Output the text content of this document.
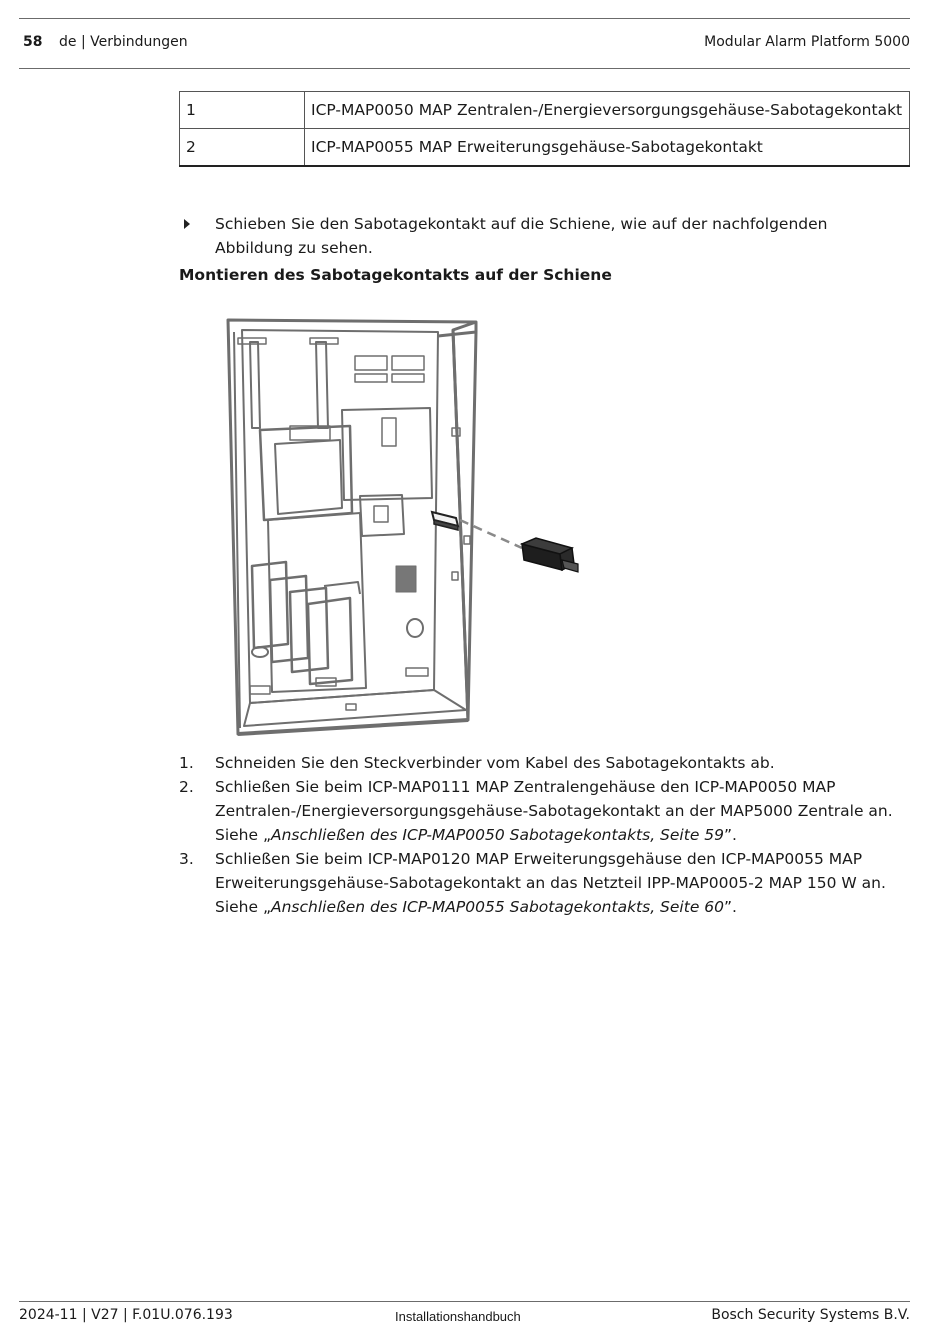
58 de | Verbindungen	Modular Alarm Platform 5000
1	ICP-MAP0050 MAP Zentralen-/Energieversorgungsgehäuse-Sabotagekontakt
2	ICP-MAP0055 MAP Erweiterungsgehäuse-Sabotagekontakt
Schieben Sie den Sabotagekontakt auf die Schiene, wie auf der nachfolgenden Abbildung zu sehen.
Montieren des Sabotagekontakts auf der Schiene
1. Schneiden Sie den Steckverbinder vom Kabel des Sabotagekontakts ab.
2. Schließen Sie beim ICP-MAP0111 MAP Zentralengehäuse den ICP-MAP0050 MAP Zentralen-/Energieversorgungsgehäuse-Sabotagekontakt an der MAP5000 Zentrale an. Siehe „Anschließen des ICP-MAP0050 Sabotagekontakts, Seite 59”.
3. Schließen Sie beim ICP-MAP0120 MAP Erweiterungsgehäuse den ICP-MAP0055 MAP Erweiterungsgehäuse-Sabotagekontakt an das Netzteil IPP-MAP0005-2 MAP 150 W an. Siehe „Anschließen des ICP-MAP0055 Sabotagekontakts, Seite 60”.
2024-11 | V27 | F.01U.076.193	Installationshandbuch	Bosch Security Systems B.V.
